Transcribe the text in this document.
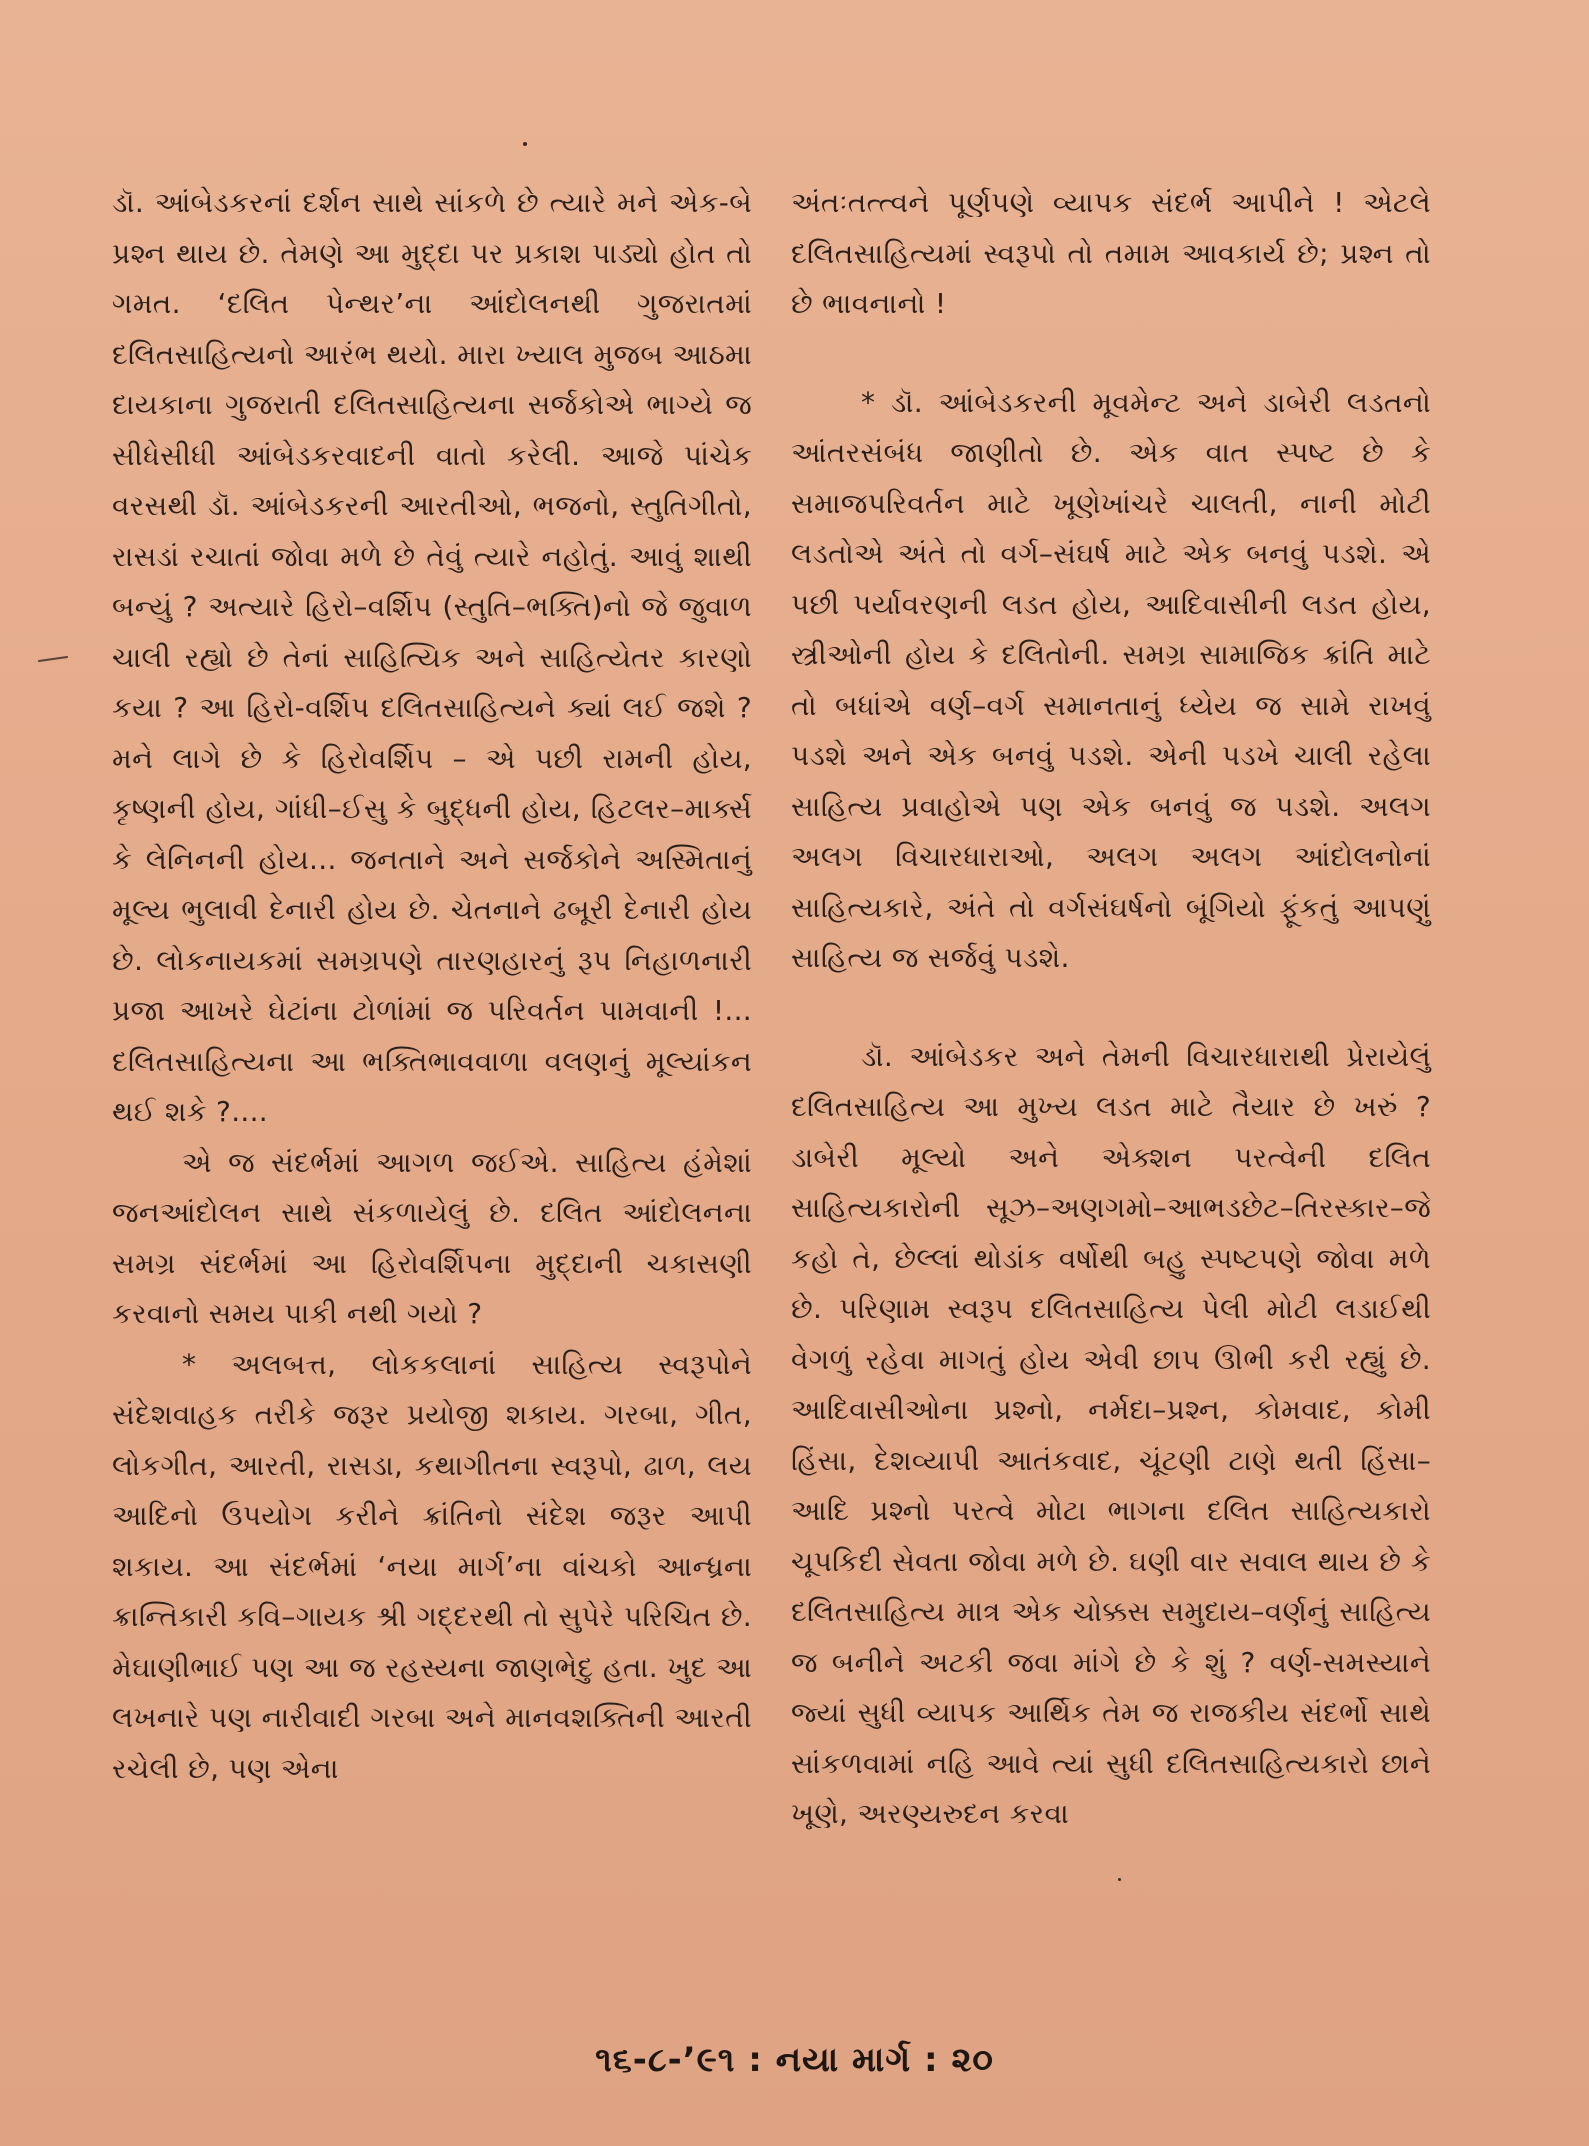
ડૉ. આંબેડકરનાં દર્શન સાથે સાંકળે છે ત્યારે મને એક-બે પ્રશ્ન થાય છે. તેમણે આ મુદ્દા પર પ્રકાશ પાડ્યો હોત તો ગમત. ‘દલિત પેન્થર’ના આંદોલનથી ગુજરાતમાં દલિતસાહિત્યનો આરંભ થયો. મારા ખ્યાલ મુજબ આઠમા દાયકાના ગુજરાતી દલિતસાહિત્યના સર્જકોએ ભાગ્યે જ સીધેસીધી આંબેડકરવાદની વાતો કરેલી. આજે પાંચેક વરસથી ડૉ. આંબેડકરની આરતીઓ, ભજનો, સ્તુતિગીતો, રાસડાં રચાતાં જોવા મળે છે તેવું ત્યારે નહોતું. આવું શાથી બન્યું ? અત્યારે હિરો–વર્શિપ (સ્તુતિ–ભક્તિ)નો જે જુવાળ ચાલી રહ્યો છે તેનાં સાહિત્યિક અને સાહિત્યેતર કારણો કયા ? આ હિરો-વર્શિપ દલિતસાહિત્યને ક્યાં લઈ જશે ? મને લાગે છે કે હિરોવર્શિપ – એ પછી રામની હોય, કૃષ્ણની હોય, ગાંધી–ઈસુ કે બુદ્ધની હોય, હિટલર–માર્ક્સ કે લેનિનની હોય... જનતાને અને સર્જકોને અસ્મિતાનું મૂલ્ય ભુલાવી દેનારી હોય છે. ચેતનાને ઢબૂરી દેનારી હોય છે. લોકનાયકમાં સમગ્રપણે તારણહારનું રૂપ નિહાળનારી પ્રજા આખરે ઘેટાંના ટોળાંમાં જ પરિવર્તન પામવાની !... દલિતસાહિત્યના આ ભક્તિભાવવાળા વલણનું મૂલ્યાંકન થઈ શકે ?....

એ જ સંદર્ભમાં આગળ જઈએ. સાહિત્ય હંમેશાં જનઆંદોલન સાથે સંકળાયેલું છે. દલિત આંદોલનના સમગ્ર સંદર્ભમાં આ હિરોવર્શિપના મુદ્દાની ચકાસણી કરવાનો સમય પાકી નથી ગયો ?

* અલબત્ત, લોકકલાનાં સાહિત્ય સ્વરૂપોને સંદેશવાહક તરીકે જરૂર પ્રયોજી શકાય. ગરબા, ગીત, લોકગીત, આરતી, રાસડા, કથાગીતના સ્વરૂપો, ઢાળ, લય આદિનો ઉપયોગ કરીને ક્રાંતિનો સંદેશ જરૂર આપી શકાય. આ સંદર્ભમાં ‘નયા માર્ગ’ના વાંચકો આન્ધ્રના ક્રાન્તિકારી કવિ–ગાયક શ્રી ગદ્દરથી તો સુપેરે પરિચિત છે. મેઘાણીભાઈ પણ આ જ રહસ્યના જાણભેદુ હતા. ખુદ આ લખનારે પણ નારીવાદી ગરબા અને માનવશક્તિની આરતી રચેલી છે, પણ એના

અંતઃતત્ત્વને પૂર્ણપણે વ્યાપક સંદર્ભ આપીને ! એટલે દલિતસાહિત્યમાં સ્વરૂપો તો તમામ આવકાર્ય છે; પ્રશ્ન તો છે ભાવનાનો !

* ડૉ. આંબેડકરની મૂવમેન્ટ અને ડાબેરી લડતનો આંતરસંબંધ જાણીતો છે. એક વાત સ્પષ્ટ છે કે સમાજપરિવર્તન માટે ખૂણેખાંચરે ચાલતી, નાની મોટી લડતોએ અંતે તો વર્ગ–સંઘર્ષ માટે એક બનવું પડશે. એ પછી પર્યાવરણની લડત હોય, આદિવાસીની લડત હોય, સ્ત્રીઓની હોય કે દલિતોની. સમગ્ર સામાજિક ક્રાંતિ માટે તો બધાંએ વર્ણ–વર્ગ સમાનતાનું ધ્યેય જ સામે રાખવું પડશે અને એક બનવું પડશે. એની પડખે ચાલી રહેલા સાહિત્ય પ્રવાહોએ પણ એક બનવું જ પડશે. અલગ અલગ વિચારધારાઓ, અલગ અલગ આંદોલનોનાં સાહિત્યકારે, અંતે તો વર્ગસંઘર્ષનો બૂંગિયો ફૂંકતું આપણું સાહિત્ય જ સર્જવું પડશે.

ડૉ. આંબેડકર અને તેમની વિચારધારાથી પ્રેરાયેલું દલિતસાહિત્ય આ મુખ્ય લડત માટે તૈયાર છે ખરું ? ડાબેરી મૂલ્યો અને એક્શન પરત્વેની દલિત સાહિત્યકારોની સૂઝ–અણગમો–આભડછેટ–તિરસ્કાર–જે કહો તે, છેલ્લાં થોડાંક વર્ષોથી બહુ સ્પષ્ટપણે જોવા મળે છે. પરિણામ સ્વરૂપ દલિતસાહિત્ય પેલી મોટી લડાઈથી વેગળું રહેવા માગતું હોય એવી છાપ ઊભી કરી રહ્યું છે. આદિવાસીઓના પ્રશ્નો, નર્મદા–પ્રશ્ન, કોમવાદ, કોમી હિંસા, દેશવ્યાપી આતંકવાદ, ચૂંટણી ટાણે થતી હિંસા–આદિ પ્રશ્નો પરત્વે મોટા ભાગના દલિત સાહિત્યકારો ચૂપકિદી સેવતા જોવા મળે છે. ઘણી વાર સવાલ થાય છે કે દલિતસાહિત્ય માત્ર એક ચોક્કસ સમુદાય–વર્ણનું સાહિત્ય જ બનીને અટકી જવા માંગે છે કે શું ? વર્ણ-સમસ્યાને જ્યાં સુધી વ્યાપક આર્થિક તેમ જ રાજકીય સંદર્ભો સાથે સાંકળવામાં નહિ આવે ત્યાં સુધી દલિતસાહિત્યકારો છાને ખૂણે, અરણ્યરુદન કરવા

૧૬-૮-’૯૧ : નયા માર્ગ : ૨૦
